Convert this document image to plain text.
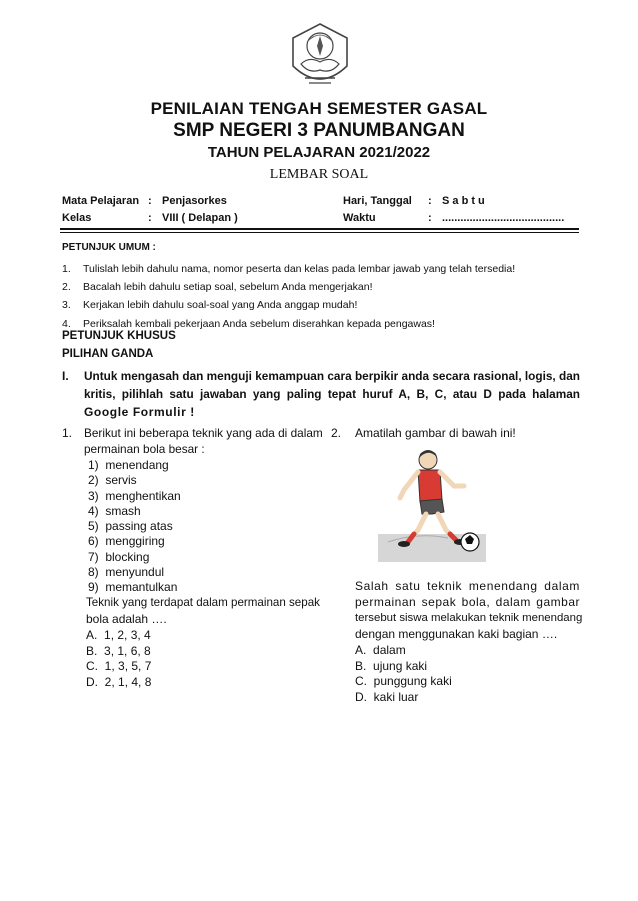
PENILAIAN TENGAH SEMESTER GASAL
SMP NEGERI 3 PANUMBANGAN
TAHUN PELAJARAN 2021/2022
LEMBAR SOAL
Mata Pelajaran : Penjasorkes
Kelas	: VIII ( Delapan )
Hari, Tanggal : S a b t u
Waktu	: ........................................
PETUNJUK UMUM :
1. Tulislah lebih dahulu nama, nomor peserta dan kelas pada lembar jawab yang telah tersedia!
2. Bacalah lebih dahulu setiap soal, sebelum Anda mengerjakan!
3. Kerjakan lebih dahulu soal-soal yang Anda anggap mudah!
4. Periksalah kembali pekerjaan Anda sebelum diserahkan kepada pengawas!
PETUNJUK KHUSUS
PILIHAN GANDA
I. Untuk mengasah dan menguji kemampuan cara berpikir anda secara rasional, logis, dan
kritis, pilihlah satu jawaban yang paling tepat huruf A, B, C, atau D pada halaman
Google Formulir !
1. Berikut ini beberapa teknik yang ada di dalam
permainan bola besar :
1) menendang
2) servis
3) menghentikan
4) smash
5) passing atas
6) menggiring
7) blocking
8) menyundul
9) memantulkan
Teknik yang terdapat dalam permainan sepak
bola adalah ….
A. 1, 2, 3, 4
B. 3, 1, 6, 8
C. 1, 3, 5, 7
D. 2, 1, 4, 8
2. Amatilah gambar di bawah ini!
Salah satu teknik menendang dalam
permainan sepak bola, dalam gambar
tersebut siswa melakukan teknik menendang
dengan menggunakan kaki bagian ….
A. dalam
B. ujung kaki
C. punggung kaki
D. kaki luar
